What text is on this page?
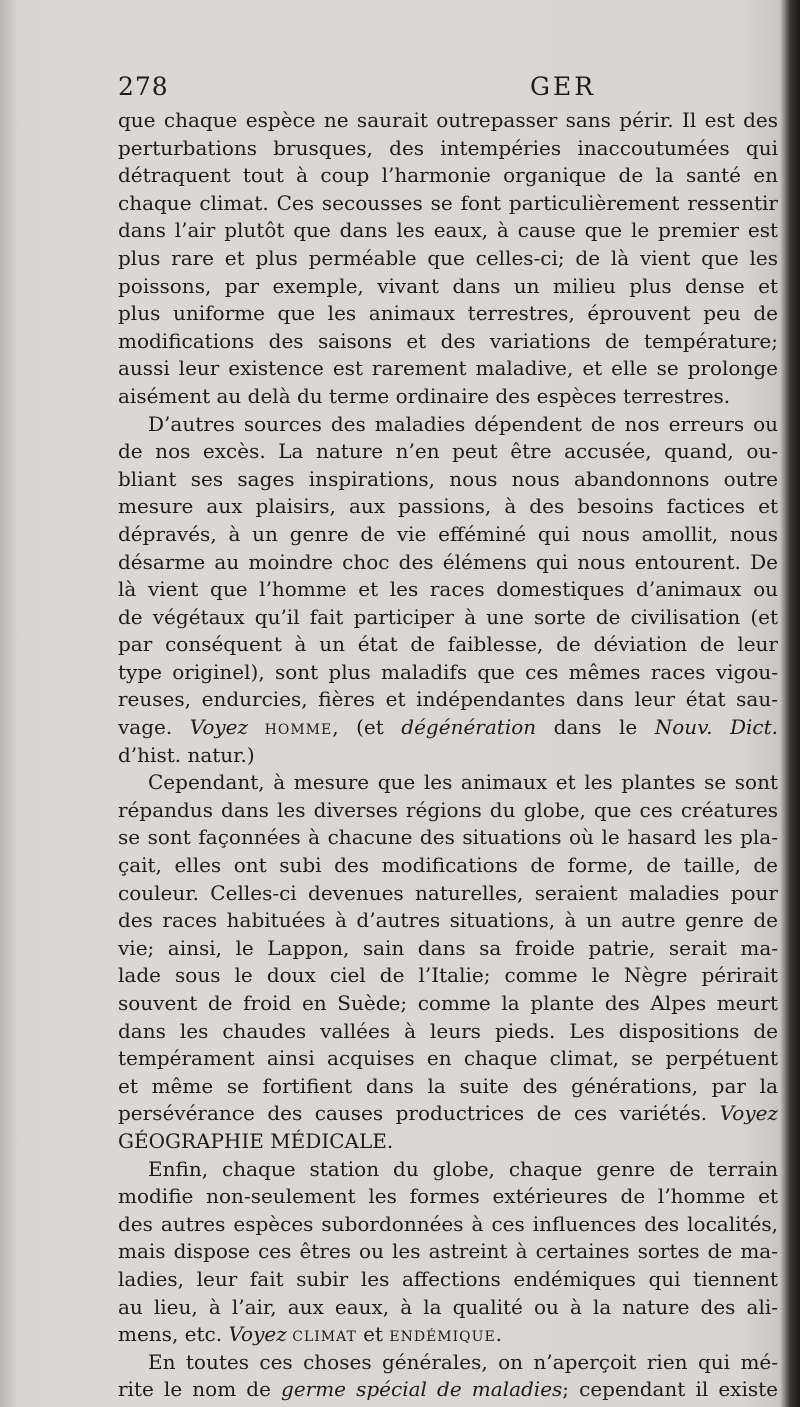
278	GER
que chaque espèce ne saurait outrepasser sans périr. Il est des
perturbations brusques, des intempéries inaccoutumées qui
détraquent tout à coup l’harmonie organique de la santé en
chaque climat. Ces secousses se font particulièrement ressentir
dans l’air plutôt que dans les eaux, à cause que le premier est
plus rare et plus perméable que celles-ci; de là vient que les
poissons, par exemple, vivant dans un milieu plus dense et
plus uniforme que les animaux terrestres, éprouvent peu de
modifications des saisons et des variations de température;
aussi leur existence est rarement maladive, et elle se prolonge
aisément au delà du terme ordinaire des espèces terrestres.
D’autres sources des maladies dépendent de nos erreurs ou
de nos excès. La nature n’en peut être accusée, quand, ou-
bliant ses sages inspirations, nous nous abandonnons outre
mesure aux plaisirs, aux passions, à des besoins factices et
dépravés, à un genre de vie efféminé qui nous amollit, nous
désarme au moindre choc des élémens qui nous entourent. De
là vient que l’homme et les races domestiques d’animaux ou
de végétaux qu’il fait participer à une sorte de civilisation (et
par conséquent à un état de faiblesse, de déviation de leur
type originel), sont plus maladifs que ces mêmes races vigou-
reuses, endurcies, fières et indépendantes dans leur état sau-
vage. Voyez HOMME, (et dégénération dans le Nouv. Dict.
d’hist. natur.)
Cependant, à mesure que les animaux et les plantes se sont
répandus dans les diverses régions du globe, que ces créatures
se sont façonnées à chacune des situations où le hasard les pla-
çait, elles ont subi des modifications de forme, de taille, de
couleur. Celles-ci devenues naturelles, seraient maladies pour
des races habituées à d’autres situations, à un autre genre de
vie; ainsi, le Lappon, sain dans sa froide patrie, serait ma-
lade sous le doux ciel de l’Italie; comme le Nègre périrait
souvent de froid en Suède; comme la plante des Alpes meurt
dans les chaudes vallées à leurs pieds. Les dispositions de
tempérament ainsi acquises en chaque climat, se perpétuent
et même se fortifient dans la suite des générations, par la
persévérance des causes productrices de ces variétés. Voyez
GÉOGRAPHIE MÉDICALE.
Enfin, chaque station du globe, chaque genre de terrain
modifie non-seulement les formes extérieures de l’homme et
des autres espèces subordonnées à ces influences des localités,
mais dispose ces êtres ou les astreint à certaines sortes de ma-
ladies, leur fait subir les affections endémiques qui tiennent
au lieu, à l’air, aux eaux, à la qualité ou à la nature des ali-
mens, etc. Voyez CLIMAT et ENDÉMIQUE.
En toutes ces choses générales, on n’aperçoit rien qui mé-
rite le nom de germe spécial de maladies; cependant il existe
